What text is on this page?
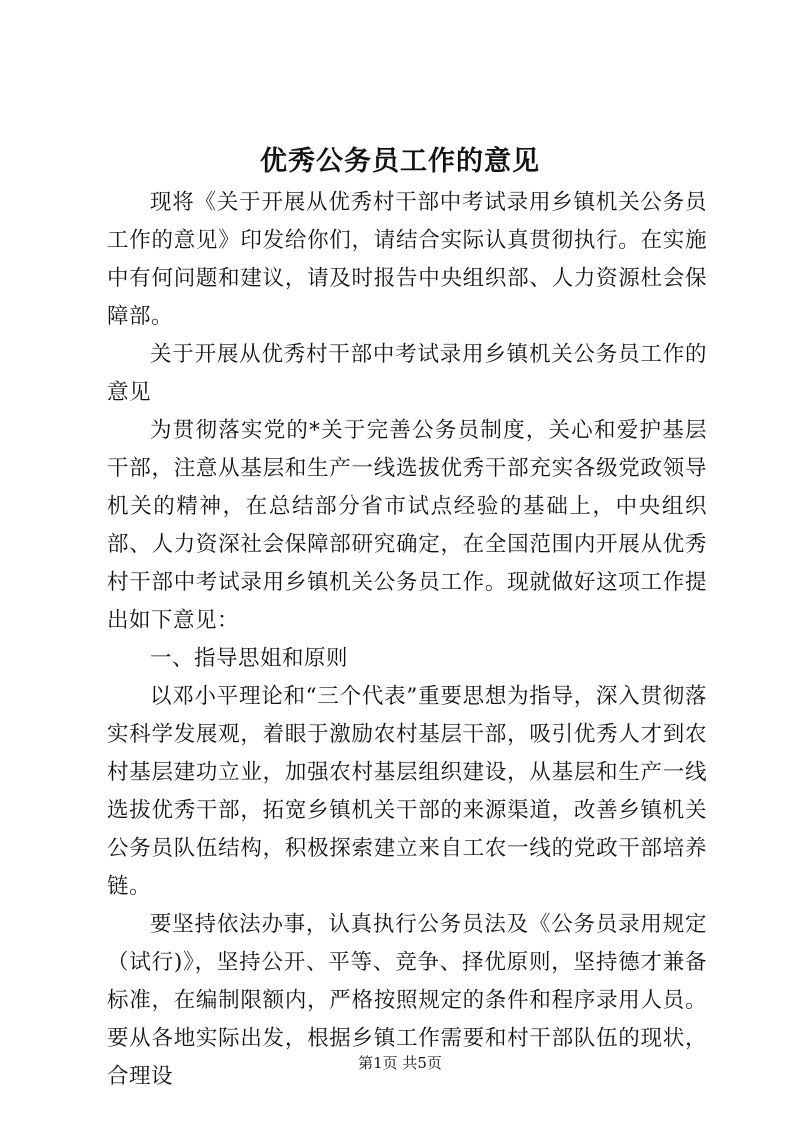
优秀公务员工作的意见

现将《关于开展从优秀村干部中考试录用乡镇机关公务员工作的意见》印发给你们，请结合实际认真贯彻执行。在实施中有何问题和建议，请及时报告中央组织部、人力资源杜会保障部。

关于开展从优秀村干部中考试录用乡镇机关公务员工作的意见

为贯彻落实党的*关于完善公务员制度，关心和爱护基层干部，注意从基层和生产一线选拔优秀干部充实各级党政领导机关的精神，在总结部分省市试点经验的基础上，中央组织部、人力资深社会保障部研究确定，在全国范围内开展从优秀村干部中考试录用乡镇机关公务员工作。现就做好这项工作提出如下意见：

一、指导思姐和原则

以邓小平理论和“三个代表”重要思想为指导，深入贯彻落实科学发展观，着眼于激励农村基层干部，吸引优秀人才到农村基层建功立业，加强农村基层组织建设，从基层和生产一线选拔优秀干部，拓宽乡镇机关干部的来源渠道，改善乡镇机关公务员队伍结构，积极探索建立来自工农一线的党政干部培养链。

要坚持依法办事，认真执行公务员法及《公务员录用规定（试行)》，坚持公开、平等、竞争、择优原则，坚持德才兼备标准，在编制限额内，严格按照规定的条件和程序录用人员。要从各地实际出发，根据乡镇工作需要和村干部队伍的现状，合理设

第1页 共5页
